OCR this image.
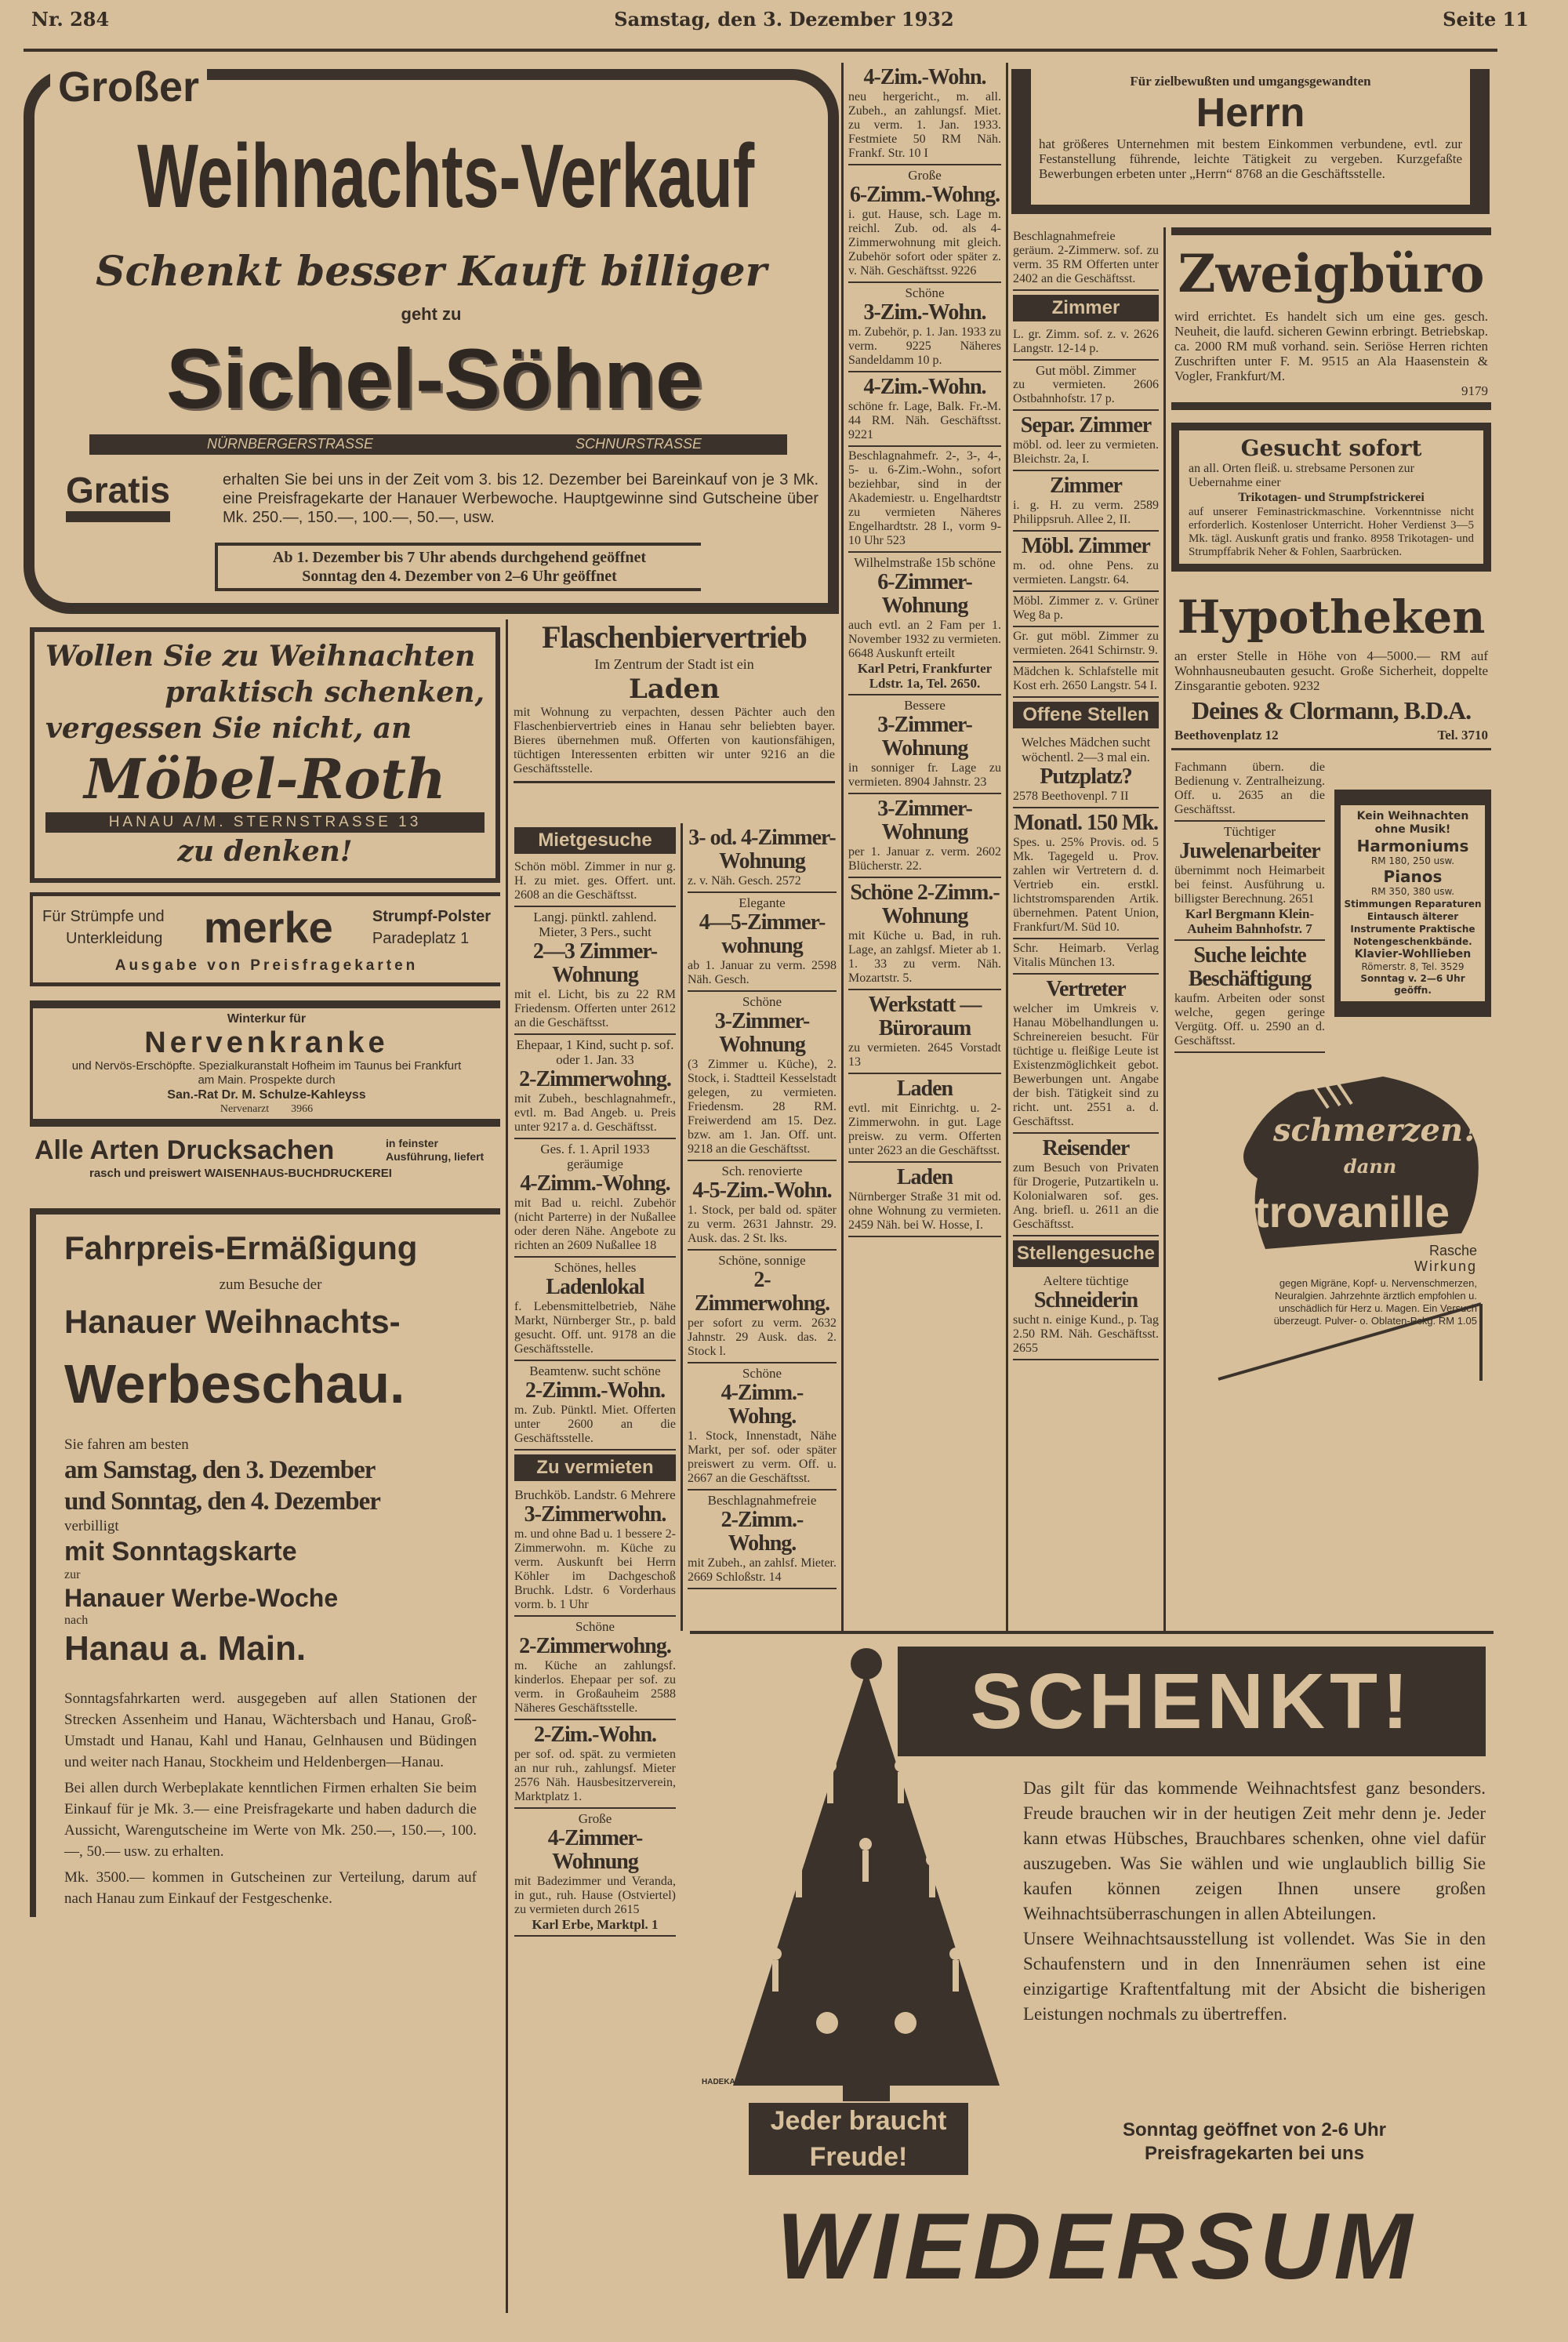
Nr. 284	Samstag, den 3. Dezember 1932	Seite 11
Großer
Weihnachts-Verkauf
Schenkt besser Kauft billiger
geht zu
Sichel-Söhne
NÜRNBERGERSTRASSE	SCHNURSTRASSE
Gratis	erhalten Sie bei uns in der Zeit vom 3. bis 12. Dezember bei Bareinkauf von je 3 Mk. eine Preisfragekarte der Hanauer Werbewoche. Hauptgewinne sind Gutscheine über Mk. 250.—, 150.—, 100.—, 50.—, usw.
Ab 1. Dezember bis 7 Uhr abends durchgehend geöffnet
Sonntag den 4. Dezember von 2–6 Uhr geöffnet
Wollen Sie zu Weihnachten
praktisch schenken,
vergessen Sie nicht, an
Möbel-Roth
HANAU A/M. STERNSTRASSE 13
zu denken!
Für Strümpfe und
Unterkleidung merke	Strumpf-Polster
Paradeplatz 1
Ausgabe von Preisfragekarten
Winterkur für
Nervenkranke
und Nervös-Erschöpfte. Spezialkuranstalt Hofheim im Taunus bei Frankfurt am Main. Prospekte durch
San.-Rat Dr. M. Schulze-Kahleyss
Nervenarzt 3966
Alle Arten Drucksachen	in feinster Ausführung, liefert
rasch und preiswert WAISENHAUS-BUCHDRUCKEREI
Fahrpreis-Ermäßigung
zum Besuche der
Hanauer Weihnachts-
Werbeschau.
Sie fahren am besten
am Samstag, den 3. Dezember
und Sonntag, den 4. Dezember
verbilligt
mit Sonntagskarte
zur
Hanauer Werbe-Woche
nach
Hanau a. Main.
Sonntagsfahrkarten werd. ausgegeben auf allen Stationen der Strecken Assenheim und Hanau, Wächtersbach und Hanau, Groß-Umstadt und Hanau, Kahl und Hanau, Gelnhausen und Büdingen und weiter nach Hanau, Stockheim und Heldenbergen—Hanau.
Bei allen durch Werbeplakate kenntlichen Firmen erhalten Sie beim Einkauf für je Mk. 3.— eine Preisfragekarte und haben dadurch die Aussicht, Warengutscheine im Werte von Mk. 250.—, 150.—, 100.—, 50.— usw. zu erhalten.
Mk. 3500.— kommen in Gutscheinen zur Verteilung, darum auf nach Hanau zum Einkauf der Festgeschenke.
Flaschenbiervertrieb
Im Zentrum der Stadt ist ein
Laden
mit Wohnung zu verpachten, dessen Pächter auch den Flaschenbiervertrieb eines in Hanau sehr beliebten bayer. Bieres übernehmen muß. Offerten von kautionsfähigen, tüchtigen Interessenten erbitten wir unter 9216 an die Geschäftsstelle.
Mietgesuche
Schön möbl. Zimmer in nur g. H. zu miet. ges. Offert. unt. 2608 an die Geschäftsst.
Langj. pünktl. zahlend. Mieter, 3 Pers., sucht
2—3 Zimmer-Wohnung
mit el. Licht, bis zu 22 RM Friedensm. Offerten unter 2612 an die Geschäftsst.
Ehepaar, 1 Kind, sucht p. sof. oder 1. Jan. 33
2-Zimmerwohng.
mit Zubeh., beschlagnahmefr., evtl. m. Bad Angeb. u. Preis unter 9217 a. d. Geschäftsst.
Ges. f. 1. April 1933 geräumige
4-Zimm.-Wohng.
mit Bad u. reichl. Zubehör (nicht Parterre) in der Nußallee oder deren Nähe. Angebote zu richten an 2609 Nußallee 18
Schönes, helles
Ladenlokal
f. Lebensmittelbetrieb, Nähe Markt, Nürnberger Str., p. bald gesucht. Off. unt. 9178 an die Geschäftsstelle.
Beamtenw. sucht schöne
2-Zimm.-Wohn.
m. Zub. Pünktl. Miet. Offerten unter 2600 an die Geschäftsstelle.
Zu vermieten
Bruchköb. Landstr. 6 Mehrere
3-Zimmerwohn.
m. und ohne Bad u. 1 bessere 2-Zimmerwohn. m. Küche zu verm. Auskunft bei Herrn Köhler im Dachgeschoß Bruchk. Ldstr. 6 Vorderhaus vorm. b. 1 Uhr
Schöne
2-Zimmerwohng.
m. Küche an zahlungsf. kinderlos. Ehepaar per sof. zu verm. in Großauheim 2588 Näheres Geschäftsstelle.
2-Zim.-Wohn.
per sof. od. spät. zu vermieten an nur ruh., zahlungsf. Mieter 2576 Näh. Hausbesitzerverein, Marktplatz 1.
Große
4-Zimmer-Wohnung
mit Badezimmer und Veranda, in gut., ruh. Hause (Ostviertel) zu vermieten durch 2615
Karl Erbe, Marktpl. 1
3- od. 4-Zimmer-Wohnung
z. v. Näh. Gesch. 2572
Elegante
4—5-Zimmer-wohnung
ab 1. Januar zu verm. 2598 Näh. Gesch.
Schöne
3-Zimmer-Wohnung
(3 Zimmer u. Küche), 2. Stock, i. Stadtteil Kesselstadt gelegen, zu vermieten. Friedensm. 28 RM. Freiwerdend am 15. Dez. bzw. am 1. Jan. Off. unt. 9218 an die Geschäftsst.
Sch. renovierte
4-5-Zim.-Wohn.
1. Stock, per bald od. später zu verm. 2631 Jahnstr. 29. Ausk. das. 2 St. lks.
Schöne, sonnige
2-Zimmerwohng.
per sofort zu verm. 2632 Jahnstr. 29 Ausk. das. 2. Stock l.
Schöne
4-Zimm.-Wohng.
1. Stock, Innenstadt, Nähe Markt, per sof. oder später preiswert zu verm. Off. u. 2667 an die Geschäftsst.
Beschlagnahmefreie
2-Zimm.-Wohng.
mit Zubeh., an zahlsf. Mieter. 2669 Schloßstr. 14
4-Zim.-Wohn.
neu hergericht., m. all. Zubeh., an zahlungsf. Miet. zu verm. 1. Jan. 1933. Festmiete 50 RM Näh. Frankf. Str. 10 I
Große
6-Zimm.-Wohng.
i. gut. Hause, sch. Lage m. reichl. Zub. od. als 4-Zimmerwohnung mit gleich. Zubehör sofort oder später z. v. Näh. Geschäftsst. 9226
Schöne
3-Zim.-Wohn.
m. Zubehör, p. 1. Jan. 1933 zu verm. 9225 Näheres Sandeldamm 10 p.
4-Zim.-Wohn.
schöne fr. Lage, Balk. Fr.-M. 44 RM. Näh. Geschäftsst. 9221
Beschlagnahmefr. 2-, 3-, 4-, 5- u. 6-Zim.-Wohn., sofort beziehbar, sind in der Akademiestr. u. Engelhardtstr zu vermieten Näheres Engelhardtstr. 28 I., vorm 9-10 Uhr 523
Wilhelmstraße 15b schöne
6-Zimmer-Wohnung
auch evtl. an 2 Fam per 1. November 1932 zu vermieten. 6648 Auskunft erteilt
Karl Petri, Frankfurter Ldstr. 1a, Tel. 2650.
Bessere
3-Zimmer-Wohnung
in sonniger fr. Lage zu vermieten. 8904 Jahnstr. 23
3-Zimmer-Wohnung
per 1. Januar z. verm. 2602 Blücherstr. 22.
Schöne 2-Zimm.-Wohnung
mit Küche u. Bad, in ruh. Lage, an zahlgsf. Mieter ab 1. 1. 33 zu verm. Näh. Mozartstr. 5.
Werkstatt — Büroraum
zu vermieten. 2645 Vorstadt 13
Laden
evtl. mit Einrichtg. u. 2-Zimmerwohn. in gut. Lage preisw. zu verm. Offerten unter 2623 an die Geschäftsst.
Laden
Nürnberger Straße 31 mit od. ohne Wohnung zu vermieten. 2459 Näh. bei W. Hosse, I.
Beschlagnahmefreie geräum. 2-Zimmerw. sof. zu verm. 35 RM Offerten unter 2402 an die Geschäftsst.
Zimmer
L. gr. Zimm. sof. z. v. 2626 Langstr. 12-14 p.
Gut möbl. Zimmer
zu vermieten. 2606 Ostbahnhofstr. 17 p.
Separ. Zimmer
möbl. od. leer zu vermieten. Bleichstr. 2a, I.
Zimmer
i. g. H. zu verm. 2589 Philippsruh. Allee 2, II.
Möbl. Zimmer
m. od. ohne Pens. zu vermieten. Langstr. 64.
Möbl. Zimmer z. v. Grüner Weg 8a p.
Gr. gut möbl. Zimmer zu vermieten. 2641 Schirnstr. 9.
Mädchen k. Schlafstelle mit Kost erh. 2650 Langstr. 54 I.
Offene Stellen
Welches Mädchen sucht wöchentl. 2—3 mal ein.
Putzplatz?
2578 Beethovenpl. 7 II
Monatl. 150 Mk.
Spes. u. 25% Provis. od. 5 Mk. Tagegeld u. Prov. zahlen wir Vertretern d. d. Vertrieb ein. erstkl. lichtstromsparenden Artik. übernehmen. Patent Union, Frankfurt/M. Süd 10.
Schr. Heimarb. Verlag Vitalis München 13.
Vertreter
welcher im Umkreis v. Hanau Möbelhandlungen u. Schreinereien besucht. Für tüchtige u. fleißige Leute ist Existenzmöglichkeit gebot. Bewerbungen unt. Angabe der bish. Tätigkeit sind zu richt. unt. 2551 a. d. Geschäftsst.
Reisender
zum Besuch von Privaten für Drogerie, Putzartikeln u. Kolonialwaren sof. ges. Ang. briefl. u. 2611 an die Geschäftsst.
Stellengesuche
Aeltere tüchtige
Schneiderin
sucht n. einige Kund., p. Tag 2.50 RM. Näh. Geschäftsst. 2655
Für zielbewußten und umgangsgewandten
Herrn
hat größeres Unternehmen mit bestem Einkommen verbundene, evtl. zur Festanstellung führende, leichte Tätigkeit zu vergeben. Kurzgefaßte Bewerbungen erbeten unter „Herrn“ 8768 an die Geschäftsstelle.
Zweigbüro
wird errichtet. Es handelt sich um eine ges. gesch. Neuheit, die laufd. sicheren Gewinn erbringt. Betriebskap. ca. 2000 RM muß vorhand. sein. Seriöse Herren richten Zuschriften unter F. M. 9515 an Ala Haasenstein & Vogler, Frankfurt/M.
9179
Gesucht sofort
an all. Orten fleiß. u. strebsame Personen zur Uebernahme einer
Trikotagen- und Strumpfstrickerei
auf unserer Feminastrickmaschine. Vorkenntnisse nicht erforderlich. Kostenloser Unterricht. Hoher Verdienst 3—5 Mk. tägl. Auskunft gratis und franko. 8958 Trikotagen- und Strumpffabrik Neher & Fohlen, Saarbrücken.
Hypotheken
an erster Stelle in Höhe von 4—5000.— RM auf Wohnhausneubauten gesucht. Große Sicherheit, doppelte Zinsgarantie geboten. 9232
Deines & Clormann, B.D.A.
Beethovenplatz 12	Tel. 3710
Fachmann übern. die Bedienung v. Zentralheizung. Off. u. 2635 an die Geschäftsst.
Tüchtiger
Juwelenarbeiter
übernimmt noch Heimarbeit bei feinst. Ausführung u. billigster Berechnung. 2651
Karl Bergmann Klein-Auheim Bahnhofstr. 7
Suche leichte Beschäftigung
kaufm. Arbeiten oder sonst welche, gegen geringe Vergütg. Off. u. 2590 an d. Geschäftsst.
Kein Weihnachten ohne Musik!
Harmoniums
RM 180, 250 usw.
Pianos
RM 350, 380 usw.
Stimmungen Reparaturen Eintausch älterer Instrumente Praktische Notengeschenkbände.
Klavier-Wohllieben
Römerstr. 8, Tel. 3529
Sonntag v. 2—6 Uhr geöffn.
schmerzen?
dann
Citrovanille
Rasche
Wirkung
gegen Migräne, Kopf- u. Nervenschmerzen, Neuralgien. Jahrzehnte ärztlich empfohlen u. unschädlich für Herz u. Magen. Ein Versuch überzeugt. Pulver- o. Oblaten-Pckg. RM 1.05
HADEKA
Jeder braucht
Freude!
SCHENKT!
Das gilt für das kommende Weihnachtsfest ganz besonders. Freude brauchen wir in der heutigen Zeit mehr denn je. Jeder kann etwas Hübsches, Brauchbares schenken, ohne viel dafür auszugeben. Was Sie wählen und wie unglaublich billig Sie kaufen können zeigen Ihnen unsere großen Weihnachtsüberraschungen in allen Abteilungen.
Unsere Weihnachtsausstellung ist vollendet. Was Sie in den Schaufenstern und in den Innenräumen sehen ist eine einzigartige Kraftentfaltung mit der Absicht die bisherigen Leistungen nochmals zu übertreffen.
Sonntag geöffnet von 2-6 Uhr
Preisfragekarten bei uns
WIEDERSUM
